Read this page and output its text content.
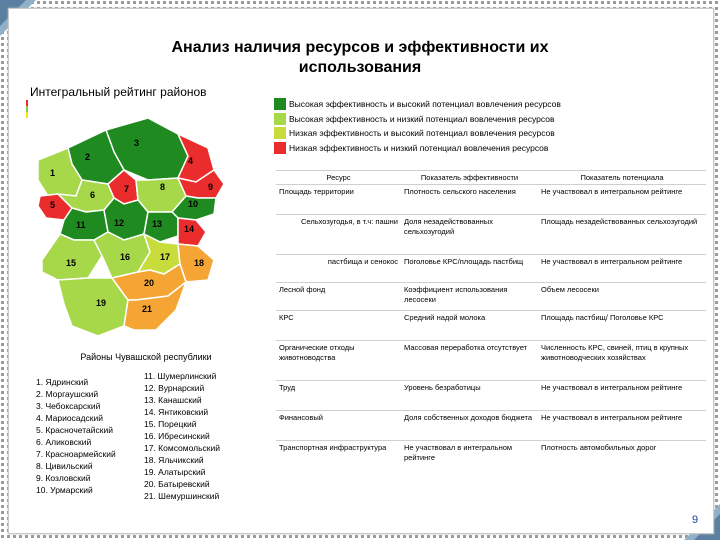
Анализ наличия ресурсов и эффективности их использования
Интегральный рейтинг районов
1
2
3
4
5
6
7	8	9
10
11	12	13 14
15
16	17
18
19
20
21
Высокая эффективность и высокий потенциал вовлечения ресурсов
Высокая эффективность и низкий потенциал вовлечения ресурсов
Низкая эффективность и высокий потенциал вовлечения ресурсов
Низкая эффективность и низкий потенциал вовлечения ресурсов
Ресурс	Показатель эффективности	Показатель потенциала
Площадь территории	Плотность сельского населения	Не участвовал в интегральном рейтинге
Сельхозугодья, в т.ч: пашни	Доля незадействованных сельхозугодий	Площадь незадействованных сельхозугодий
пастбища и сенокос	Поголовье КРС/площадь пастбищ	Не участвовал в интегральном рейтинге
Лесной фонд	Коэффициент использования лесосеки	Объем лесосеки
КРС	Средний надой молока	Площадь пастбищ/ Поголовье КРС
Органические отходы животноводства	Массовая переработка отсутствует	Численность КРС, свиней, птиц в крупных животноводческих хозяйствах
Труд	Уровень безработицы	Не участвовал в интегральном рейтинге
Финансовый	Доля собственных доходов бюджета	Не участвовал в интегральном рейтинге
Транспортная инфраструктура	Не участвовал в интегральном рейтинге	Плотность автомобильных дорог
Районы Чувашской республики
1. Ядринский
2. Моргаушский
3. Чебоксарский
4. Мариосадский
5. Красночетайский
6. Аликовский
7. Красноармейский
8. Цивильский
9. Козловский
10. Урмарский
11. Шумерлинский
12. Вурнарский
13. Канашский
14. Янтиковский
15. Порецкий
16. Ибресинский
17. Комсомольский
18. Яльчикский
19. Алатырский
20. Батыревский
21. Шемуршинский
9
